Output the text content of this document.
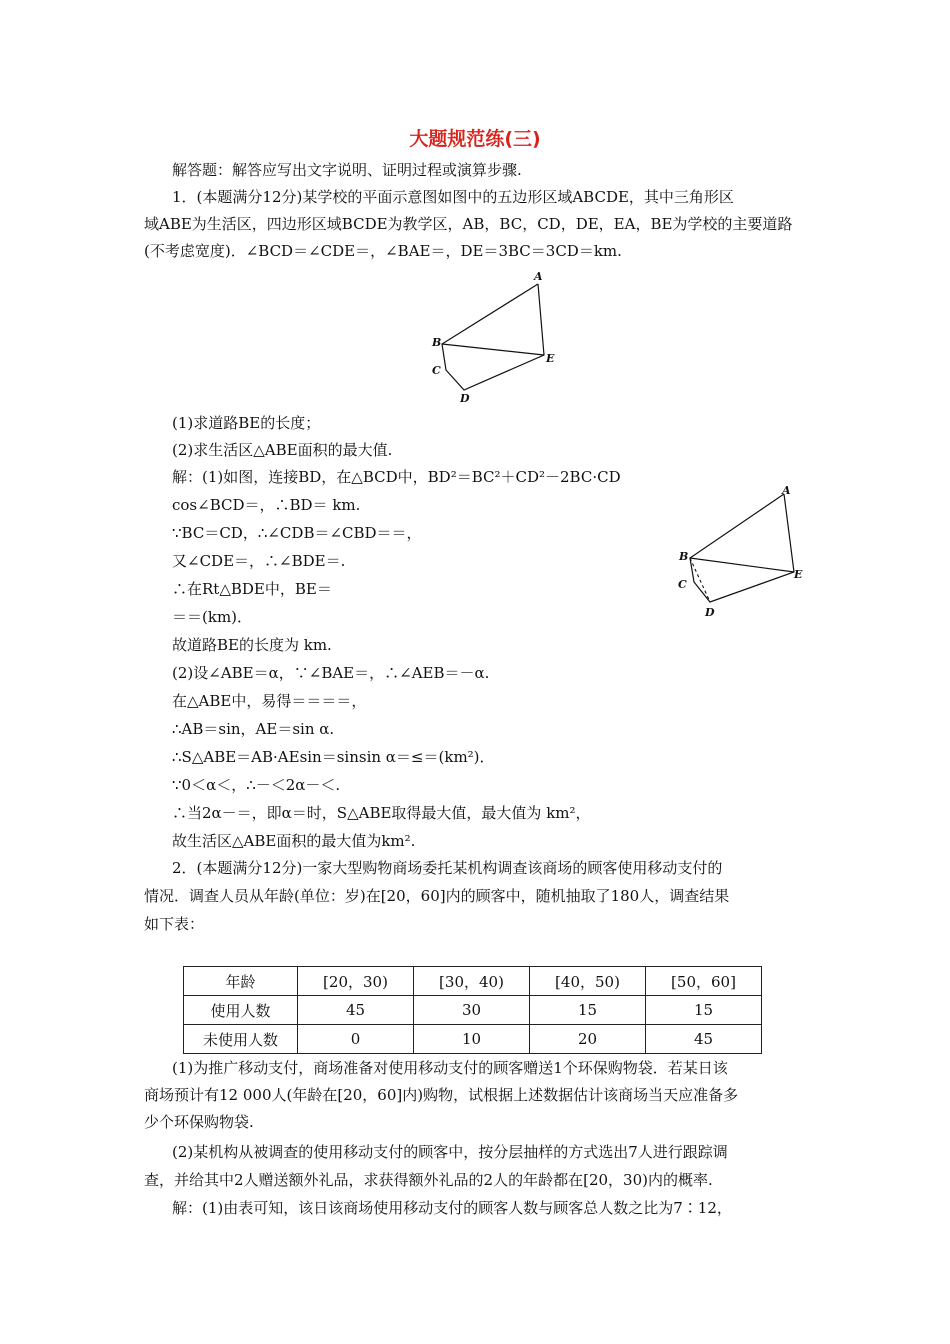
大题规范练(三)
解答题：解答应写出文字说明、证明过程或演算步骤.
1．(本题满分12分)某学校的平面示意图如图中的五边形区域ABCDE，其中三角形区
域ABE为生活区，四边形区域BCDE为教学区，AB，BC，CD，DE，EA，BE为学校的主要道路
(不考虑宽度)．∠BCD＝∠CDE＝，∠BAE＝，DE＝3BC＝3CD＝km.
A
B
C
D
E
(1)求道路BE的长度；
(2)求生活区△ABE面积的最大值.
解：(1)如图，连接BD，在△BCD中，BD²＝BC²＋CD²－2BC·CD
cos∠BCD＝，∴BD＝ km.
∵BC＝CD，∴∠CDB＝∠CBD＝＝，
又∠CDE＝，∴∠BDE＝.
∴在Rt△BDE中，BE＝
＝＝(km)．
故道路BE的长度为 km.
(2)设∠ABE＝α，∵∠BAE＝，∴∠AEB＝－α.
在△ABE中，易得＝＝＝＝，
∴AB＝sin，AE＝sin α.
∴S△ABE＝AB·AEsin＝sinsin α＝≤＝(km²)．
∵0＜α＜，∴－＜2α－＜.
∴当2α－＝，即α＝时，S△ABE取得最大值，最大值为 km²，
故生活区△ABE面积的最大值为km².
A
B
C
D
E
2．(本题满分12分)一家大型购物商场委托某机构调查该商场的顾客使用移动支付的
情况．调查人员从年龄(单位：岁)在[20，60]内的顾客中，随机抽取了180人，调查结果
如下表：
年龄	[20，30)	[30，40)	[40，50)	[50，60]
使用人数	45	30	15	15
未使用人数	0	10	20	45
(1)为推广移动支付，商场准备对使用移动支付的顾客赠送1个环保购物袋．若某日该
商场预计有12 000人(年龄在[20，60]内)购物，试根据上述数据估计该商场当天应准备多
少个环保购物袋.
(2)某机构从被调查的使用移动支付的顾客中，按分层抽样的方式选出7人进行跟踪调
查，并给其中2人赠送额外礼品，求获得额外礼品的2人的年龄都在[20，30)内的概率.
解：(1)由表可知，该日该商场使用移动支付的顾客人数与顾客总人数之比为7∶12，
